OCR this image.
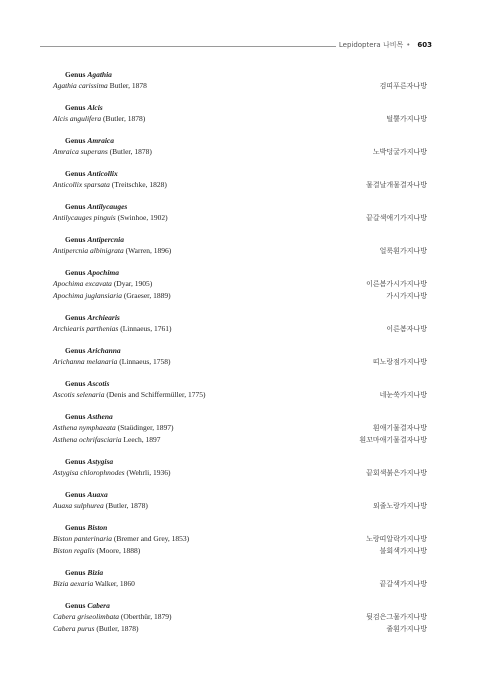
Lepidoptera 나비목 • 603
Genus Agathia
Agathia carissima Butler, 1878	검띠푸른자나방
Genus Alcis
Alcis angulifera (Butler, 1878)	털뿔가지나방
Genus Amraica
Amraica superans (Butler, 1878)	노박덩굴가지나방
Genus Anticollix
Anticollix sparsata (Treitschke, 1828)	물결날개물결자나방
Genus Antilycauges
Antilycauges pinguis (Swinhoe, 1902)	끝갈색애기가지나방
Genus Antipercnia
Antipercnia albinigrata (Warren, 1896)	얼룩흰가지나방
Genus Apochima
Apochima excavata (Dyar, 1905)	이른봄가시가지나방
Apochima juglansiaria (Graeser, 1889)	가시가지나방
Genus Archiearis
Archiearis parthenias (Linnaeus, 1761)	이른봄자나방
Genus Arichanna
Arichanna melanaria (Linnaeus, 1758)	띠노랑점가지나방
Genus Ascotis
Ascotis selenaria (Denis and Schiffermüller, 1775)	네눈쑥가지나방
Genus Asthena
Asthena nymphaeata (Staüdinger, 1897)	흰애기물결자나방
Asthena ochrifasciaria Leech, 1897	흰꼬마애기물결자나방
Genus Astygisa
Astygisa chlorophnodes (Wehrli, 1936)	끝회색붉은가지나방
Genus Auaxa
Auaxa sulphurea (Butler, 1878)	외줄노랑가지나방
Genus Biston
Biston panterinaria (Bremer and Grey, 1853)	노랑띠알락가지나방
Biston regalis (Moore, 1888)	불회색가지나방
Genus Bizia
Bizia aexaria Walker, 1860	끝갈색가지나방
Genus Cabera
Cabera griseolimbata (Oberthür, 1879)	뒷검은그물가지나방
Cabera purus (Butler, 1878)	줄흰가지나방
